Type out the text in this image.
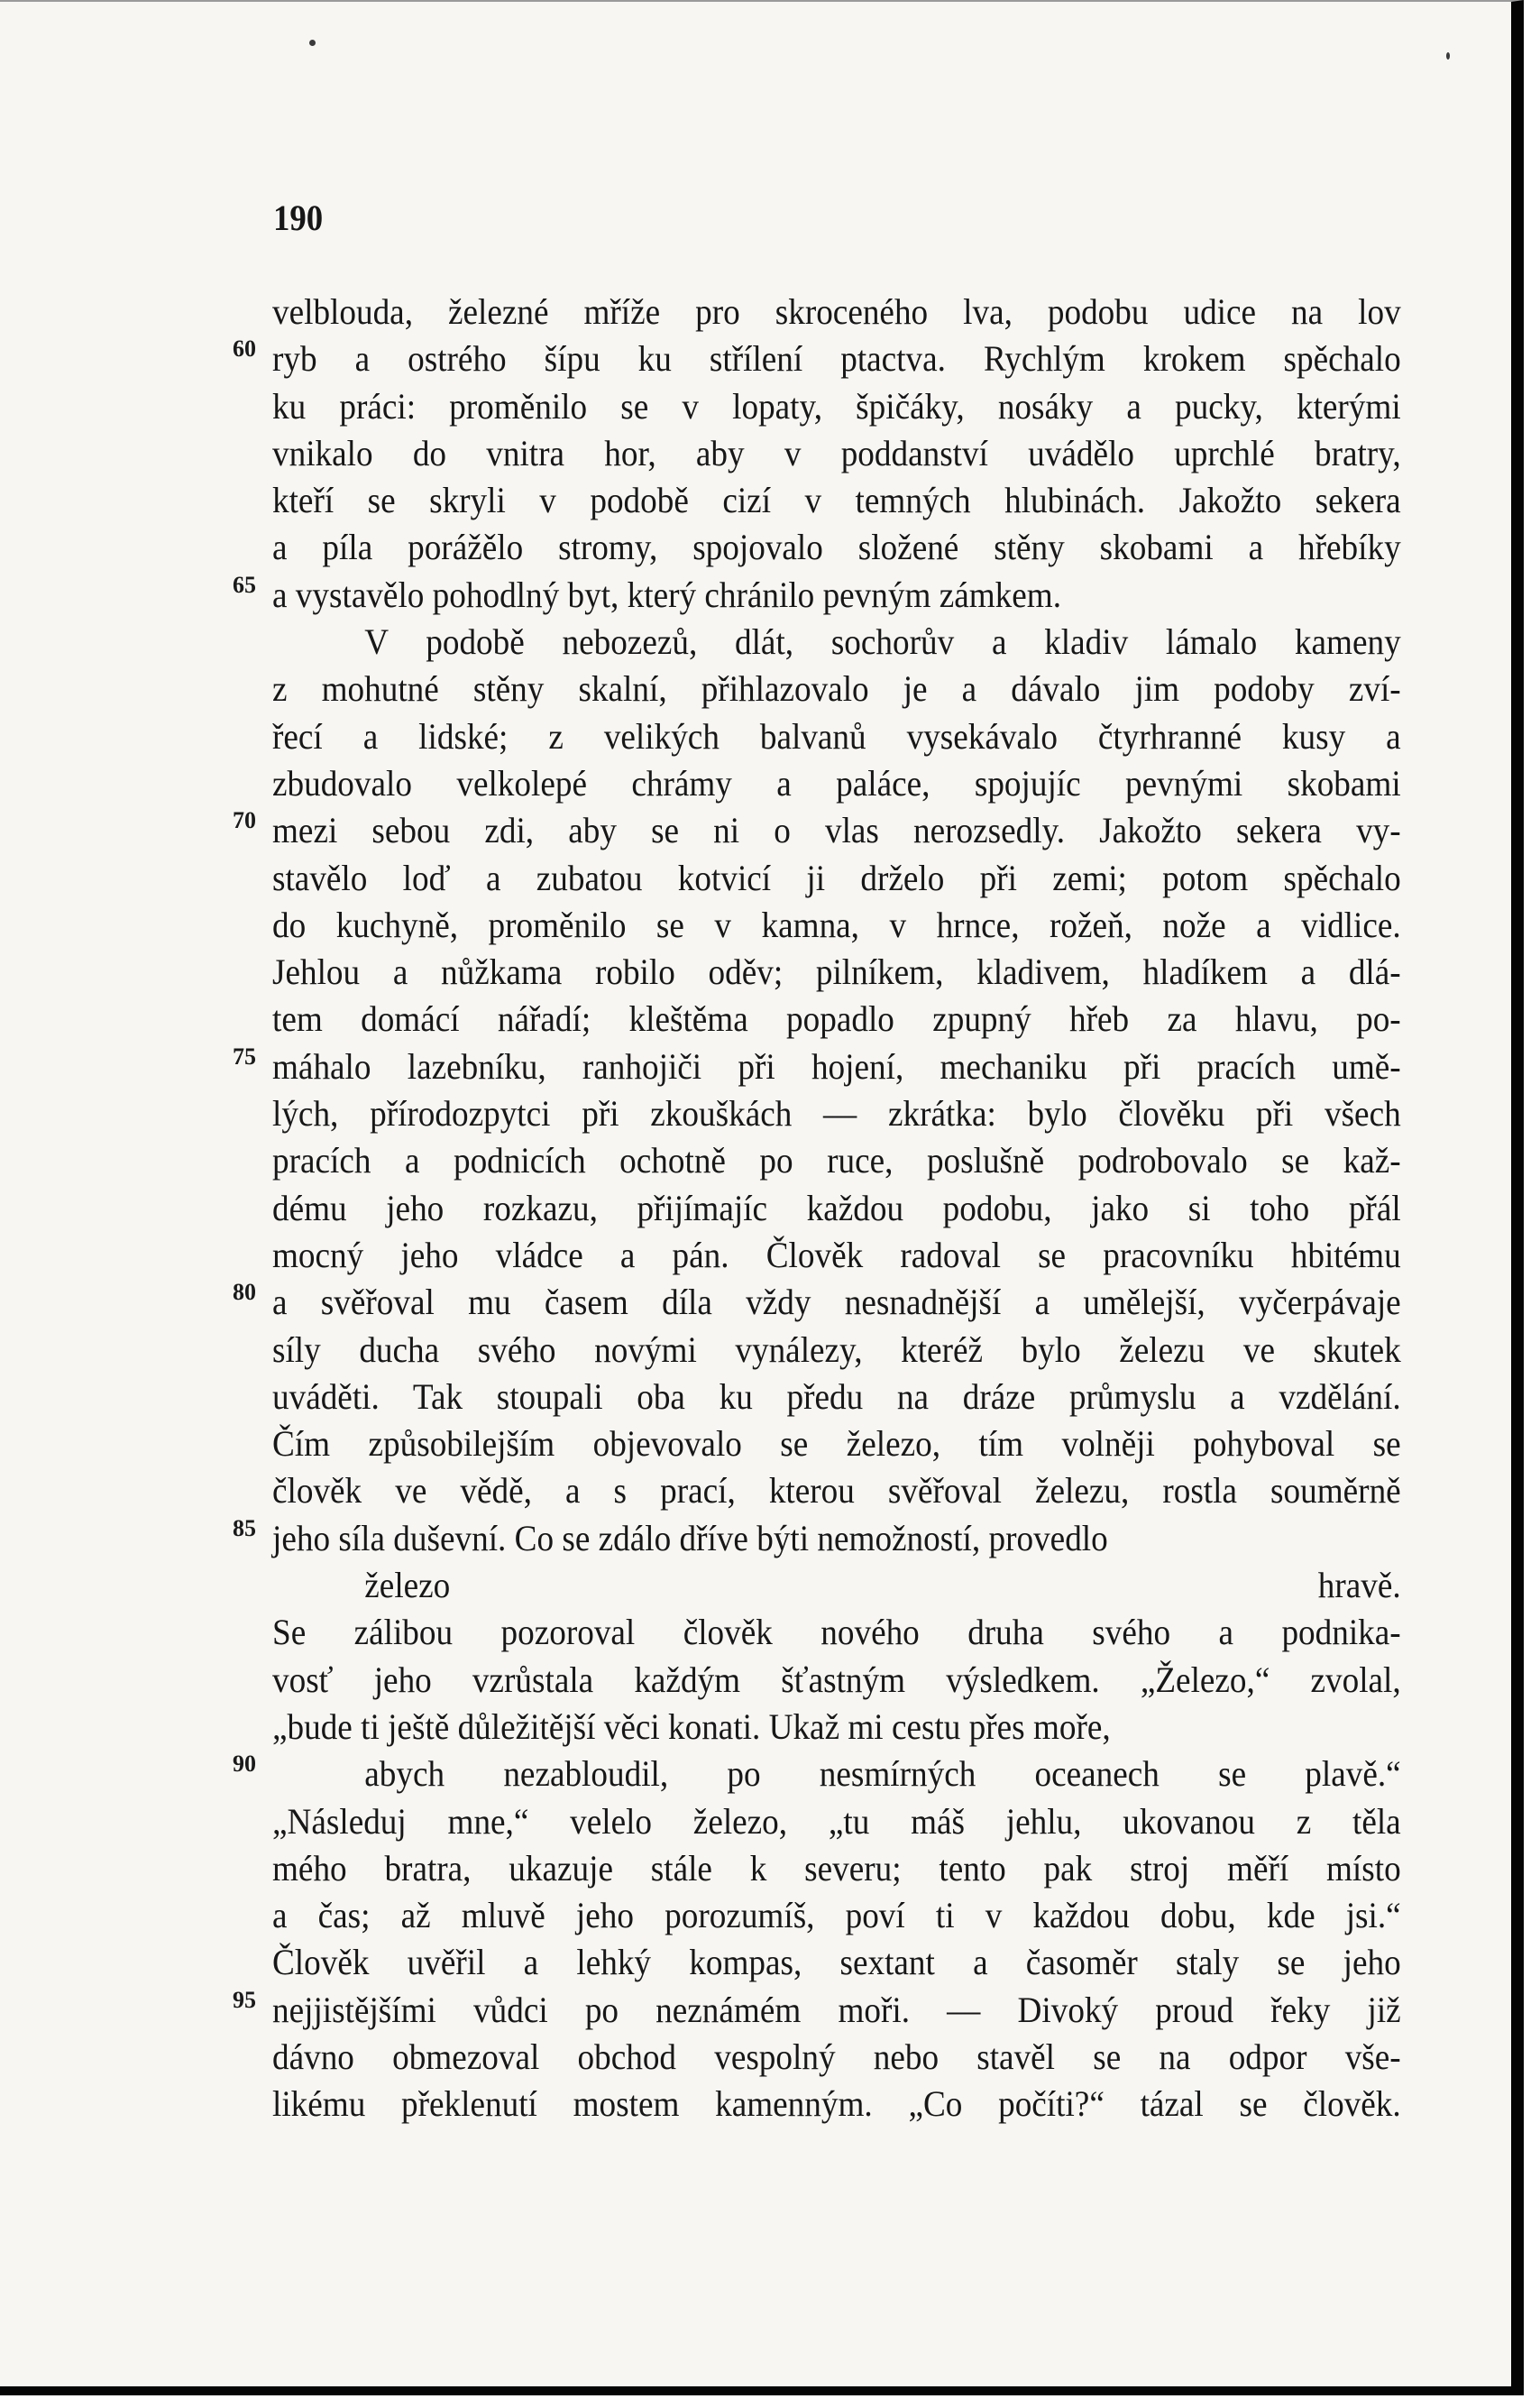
190
velblouda, železné mříže pro skroceného lva, podobu udice na lov
60 ryb a ostrého šípu ku střílení ptactva. Rychlým krokem spěchalo
ku práci: proměnilo se v lopaty, špičáky, nosáky a pucky, kterými
vnikalo do vnitra hor, aby v poddanství uvádělo uprchlé bratry,
kteří se skryli v podobě cizí v temných hlubinách. Jakožto sekera
a píla porážělo stromy, spojovalo složené stěny skobami a hřebíky
65 a vystavělo pohodlný byt, který chránilo pevným zámkem.
V podobě nebozezů, dlát, sochorův a kladiv lámalo kameny
z mohutné stěny skalní, přihlazovalo je a dávalo jim podoby zví-
řecí a lidské; z velikých balvanů vysekávalo čtyrhranné kusy a
zbudovalo velkolepé chrámy a paláce, spojujíc pevnými skobami
70 mezi sebou zdi, aby se ni o vlas nerozsedly. Jakožto sekera vy-
stavělo loď a zubatou kotvicí ji drželo při zemi; potom spěchalo
do kuchyně, proměnilo se v kamna, v hrnce, rožeň, nože a vidlice.
Jehlou a nůžkama robilo oděv; pilníkem, kladivem, hladíkem a dlá-
tem domácí nářadí; kleštěma popadlo zpupný hřeb za hlavu, po-
75 máhalo lazebníku, ranhojiči při hojení, mechaniku při pracích umě-
lých, přírodozpytci při zkouškách — zkrátka: bylo člověku při všech
pracích a podnicích ochotně po ruce, poslušně podrobovalo se kaž-
dému jeho rozkazu, přijímajíc každou podobu, jako si toho přál
mocný jeho vládce a pán. Člověk radoval se pracovníku hbitému
80 a svěřoval mu časem díla vždy nesnadnější a umělejší, vyčerpávaje
síly ducha svého novými vynálezy, kteréž bylo železu ve skutek
uváděti. Tak stoupali oba ku předu na dráze průmyslu a vzdělání.
Čím způsobilejším objevovalo se železo, tím volněji pohyboval se
člověk ve vědě, a s prací, kterou svěřoval železu, rostla souměrně
85 jeho síla duševní. Co se zdálo dříve býti nemožností, provedlo
železo hravě.
Se zálibou pozoroval člověk nového druha svého a podnika-
vosť jeho vzrůstala každým šťastným výsledkem. „Železo,“ zvolal,
„bude ti ještě důležitější věci konati. Ukaž mi cestu přes moře,
90	abych nezabloudil, po nesmírných oceanech se plavě.“
„Následuj mne,“ velelo železo, „tu máš jehlu, ukovanou z těla
mého bratra, ukazuje stále k severu; tento pak stroj měří místo
a čas; až mluvě jeho porozumíš, poví ti v každou dobu, kde jsi.“
Člověk uvěřil a lehký kompas, sextant a časoměr staly se jeho
95 nejjistějšími vůdci po neznámém moři. — Divoký proud řeky již
dávno obmezoval obchod vespolný nebo stavěl se na odpor vše-
likému překlenutí mostem kamenným. „Co počíti?“ tázal se člověk.
